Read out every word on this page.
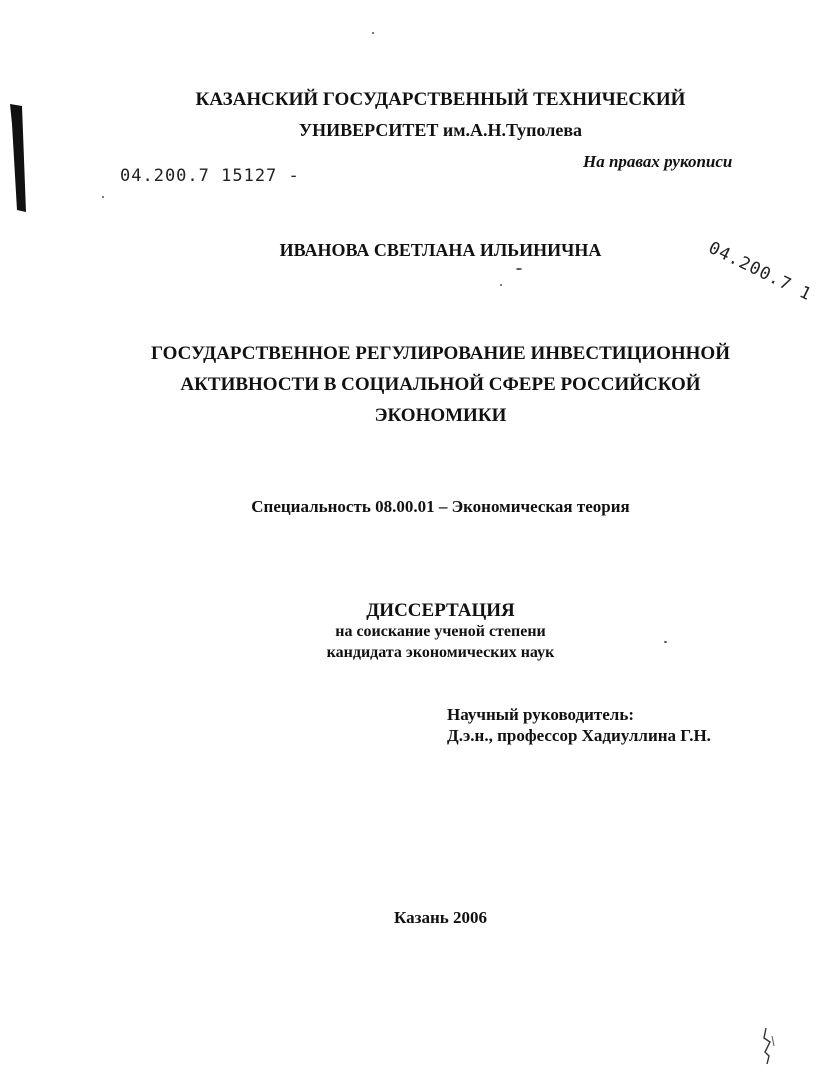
КАЗАНСКИЙ ГОСУДАРСТВЕННЫЙ ТЕХНИЧЕСКИЙ
УНИВЕРСИТЕТ им.А.Н.Туполева
04.200.7 15127 -
На правах рукописи
04.200.7 1
ИВАНОВА СВЕТЛАНА ИЛЬИНИЧНА
ГОСУДАРСТВЕННОЕ РЕГУЛИРОВАНИЕ ИНВЕСТИЦИОННОЙ
АКТИВНОСТИ В СОЦИАЛЬНОЙ СФЕРЕ РОССИЙСКОЙ
ЭКОНОМИКИ
Специальность 08.00.01 – Экономическая теория
ДИССЕРТАЦИЯ
на соискание ученой степени
кандидата экономических наук
Научный руководитель:
Д.э.н., профессор Хадиуллина Г.Н.
Казань 2006
